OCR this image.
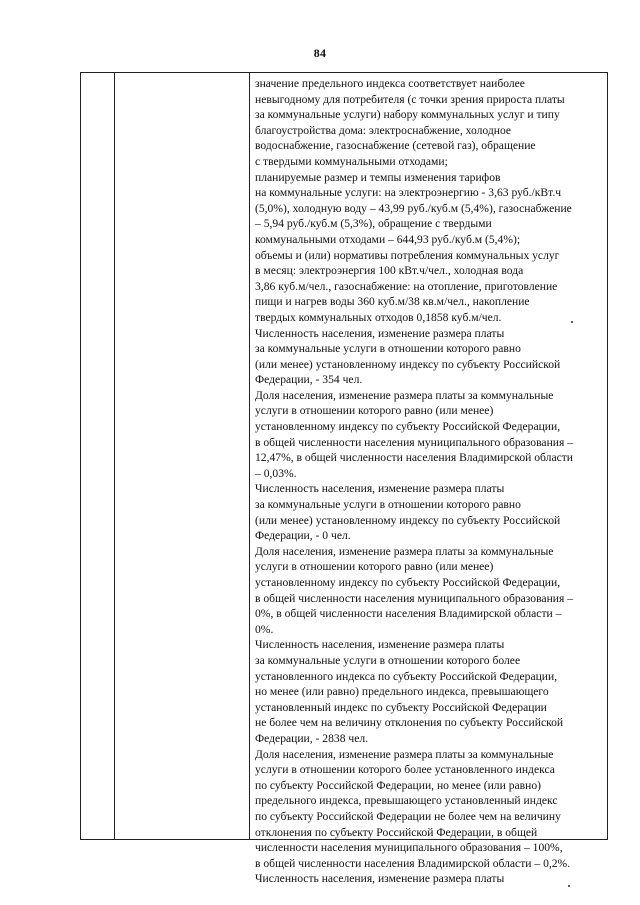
84
значение предельного индекса соответствует наиболее
невыгодному для потребителя (с точки зрения прироста платы
за коммунальные услуги) набору коммунальных услуг и типу
благоустройства дома: электроснабжение, холодное
водоснабжение, газоснабжение (сетевой газ), обращение
с твердыми коммунальными отходами;
планируемые размер и темпы изменения тарифов
на коммунальные услуги: на электроэнергию - 3,63 руб./кВт.ч
(5,0%), холодную воду – 43,99 руб./куб.м (5,4%), газоснабжение
– 5,94 руб./куб.м (5,3%), обращение с твердыми
коммунальными отходами – 644,93 руб./куб.м (5,4%);
объемы и (или) нормативы потребления коммунальных услуг
в месяц: электроэнергия 100 кВт.ч/чел., холодная вода
3,86 куб.м/чел., газоснабжение: на отопление, приготовление
пищи и нагрев воды 360 куб.м/38 кв.м/чел., накопление
твердых коммунальных отходов 0,1858 куб.м/чел.
Численность населения, изменение размера платы
за коммунальные услуги в отношении которого равно
(или менее) установленному индексу по субъекту Российской
Федерации, - 354 чел.
Доля населения, изменение размера платы за коммунальные
услуги в отношении которого равно (или менее)
установленному индексу по субъекту Российской Федерации,
в общей численности населения муниципального образования –
12,47%, в общей численности населения Владимирской области
– 0,03%.
Численность населения, изменение размера платы
за коммунальные услуги в отношении которого равно
(или менее) установленному индексу по субъекту Российской
Федерации, - 0 чел.
Доля населения, изменение размера платы за коммунальные
услуги в отношении которого равно (или менее)
установленному индексу по субъекту Российской Федерации,
в общей численности населения муниципального образования –
0%, в общей численности населения Владимирской области –
0%.
Численность населения, изменение размера платы
за коммунальные услуги в отношении которого более
установленного индекса по субъекту Российской Федерации,
но менее (или равно) предельного индекса, превышающего
установленный индекс по субъекту Российской Федерации
не более чем на величину отклонения по субъекту Российской
Федерации, - 2838 чел.
Доля населения, изменение размера платы за коммунальные
услуги в отношении которого более установленного индекса
по субъекту Российской Федерации, но менее (или равно)
предельного индекса, превышающего установленный индекс
по субъекту Российской Федерации не более чем на величину
отклонения по субъекту Российской Федерации, в общей
численности населения муниципального образования – 100%,
в общей численности населения Владимирской области – 0,2%.
Численность населения, изменение размера платы
